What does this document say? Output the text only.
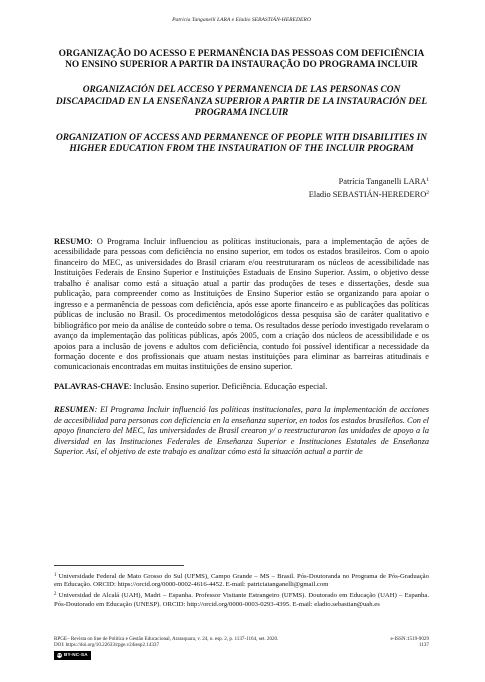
Patrícia Tanganelli LARA e Eladio SEBASTIÁN-HEREDERO

ORGANIZAÇÃO DO ACESSO E PERMANÊNCIA DAS PESSOAS COM DEFICIÊNCIA NO ENSINO SUPERIOR A PARTIR DA INSTAURAÇÃO DO PROGRAMA INCLUIR

ORGANIZACIÓN DEL ACCESO Y PERMANENCIA DE LAS PERSONAS CON DISCAPACIDAD EN LA ENSEÑANZA SUPERIOR A PARTIR DE LA INSTAURACIÓN DEL PROGRAMA INCLUIR

ORGANIZATION OF ACCESS AND PERMANENCE OF PEOPLE WITH DISABILITIES IN HIGHER EDUCATION FROM THE INSTAURATION OF THE INCLUIR PROGRAM

Patrícia Tanganelli LARA$^1$
Eladio SEBASTIÁN-HEREDERO$^2$
RESUMO: O Programa Incluir influenciou as políticas institucionais, para a implementação de ações de acessibilidade para pessoas com deficiência no ensino superior, em todos os estados brasileiros. Com o apoio financeiro do MEC, as universidades do Brasil criaram e/ou reestruturaram os núcleos de acessibilidade nas Instituições Federais de Ensino Superior e Instituições Estaduais de Ensino Superior. Assim, o objetivo desse trabalho é analisar como está a situação atual a partir das produções de teses e dissertações, desde sua publicação, para compreender como as Instituições de Ensino Superior estão se organizando para apoiar o ingresso e a permanência de pessoas com deficiência, após esse aporte financeiro e as publicações das políticas públicas de inclusão no Brasil. Os procedimentos metodológicos dessa pesquisa são de caráter qualitativo e bibliográfico por meio da análise de conteúdo sobre o tema. Os resultados desse período investigado revelaram o avanço da implementação das políticas públicas, após 2005, com a criação dos núcleos de acessibilidade e os apoios para a inclusão de jovens e adultos com deficiência, contudo foi possível identificar a necessidade da formação docente e dos profissionais que atuam nestas instituições para eliminar as barreiras atitudinais e comunicacionais encontradas em muitas instituições de ensino superior.
PALAVRAS-CHAVE: Inclusão. Ensino superior. Deficiência. Educação especial.
RESUMEN: El Programa Incluir influenció las políticas institucionales, para la implementación de acciones de accesibilidad para personas con deficiencia en la enseñanza superior, en todos los estados brasileños. Con el apoyo financiero del MEC, las universidades de Brasil crearon y/ o reestructuraron las unidades de apoyo a la diversidad en las Instituciones Federales de Enseñanza Superior e Instituciones Estatales de Enseñanza Superior. Así, el objetivo de este trabajo es analizar cómo está la situación actual a partir de
$^1$ Universidade Federal de Mato Grosso do Sul (UFMS), Campo Grande – MS – Brasil. Pós-Doutoranda no Programa de Pós-Graduação em Educação. ORCID: https://orcid.org/0000-0002-4616-4452. E-mail: patriciatanganelli@gmail.com
$^2$ Universidad de Alcalá (UAH), Madri – Espanha. Professor Visitante Estrangeiro (UFMS). Doutorado em Educação (UAH) – Espanha. Pós-Doutorado em Educação (UNESP). ORCID: http://orcid.org/0000-0003-0293-4395. E-mail: eladio.sebastian@uah.es
RPGE– Revista on line de Política e Gestão Educacional, Araraquara, v. 24, n. esp. 2, p. 1137-1164, set. 2020.	e-ISSN:1519-9029
DOI: https://doi.org/10.22633/rpge.v24iesp2.14337	1137
cc BY-NC-SA
